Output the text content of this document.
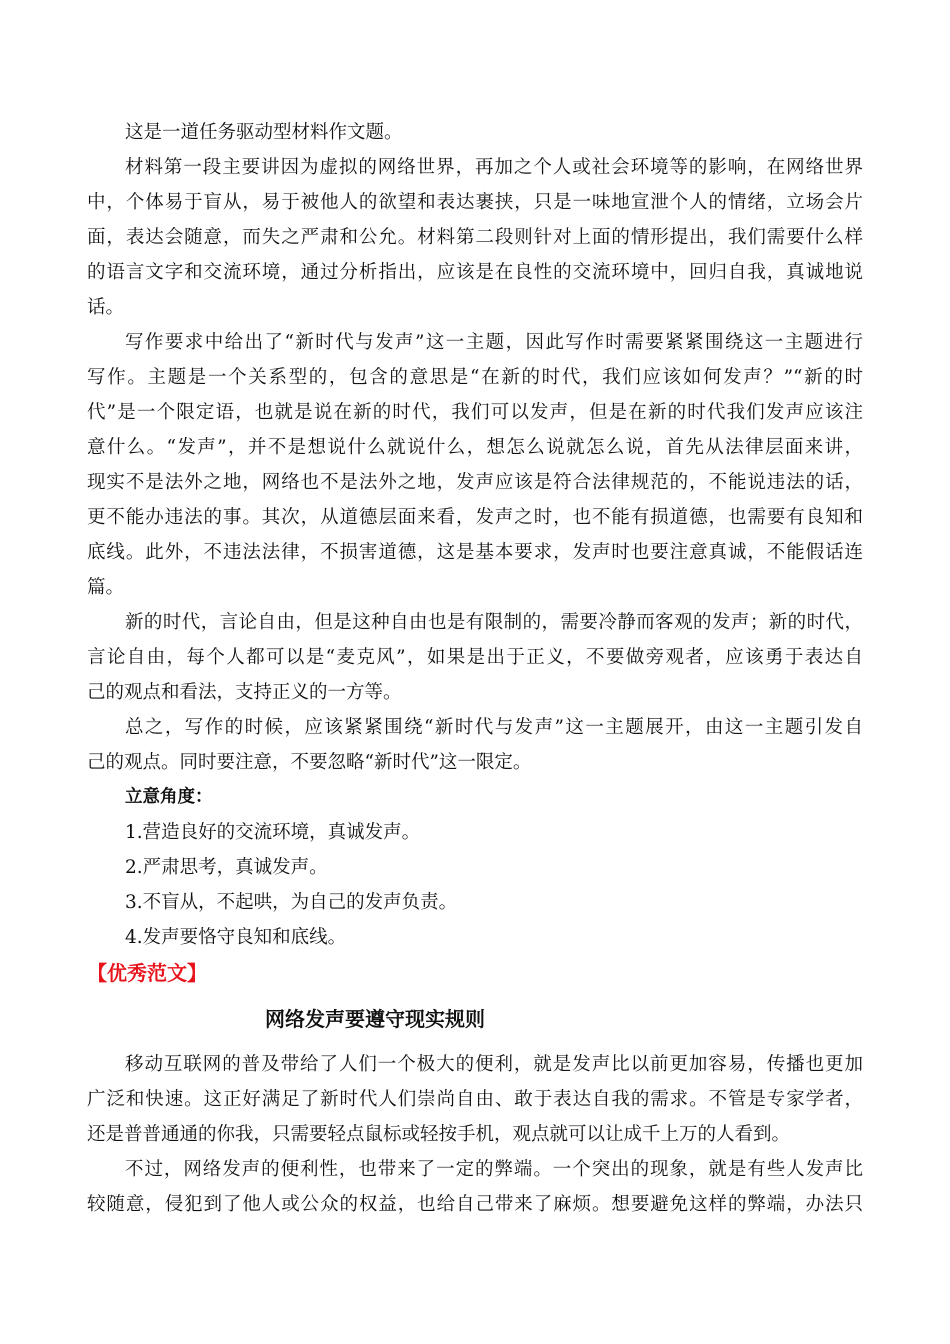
这是一道任务驱动型材料作文题。
材料第一段主要讲因为虚拟的网络世界，再加之个人或社会环境等的影响，在网络世界
中，个体易于盲从，易于被他人的欲望和表达裹挟，只是一味地宣泄个人的情绪，立场会片
面，表达会随意，而失之严肃和公允。材料第二段则针对上面的情形提出，我们需要什么样
的语言文字和交流环境，通过分析指出，应该是在良性的交流环境中，回归自我，真诚地说
话。
写作要求中给出了“新时代与发声”这一主题，因此写作时需要紧紧围绕这一主题进行
写作。主题是一个关系型的，包含的意思是“在新的时代，我们应该如何发声？”“新的时
代”是一个限定语，也就是说在新的时代，我们可以发声，但是在新的时代我们发声应该注
意什么。“发声”，并不是想说什么就说什么，想怎么说就怎么说，首先从法律层面来讲，
现实不是法外之地，网络也不是法外之地，发声应该是符合法律规范的，不能说违法的话，
更不能办违法的事。其次，从道德层面来看，发声之时，也不能有损道德，也需要有良知和
底线。此外，不违法法律，不损害道德，这是基本要求，发声时也要注意真诚，不能假话连
篇。
新的时代，言论自由，但是这种自由也是有限制的，需要冷静而客观的发声；新的时代，
言论自由，每个人都可以是“麦克风”，如果是出于正义，不要做旁观者，应该勇于表达自
己的观点和看法，支持正义的一方等。
总之，写作的时候，应该紧紧围绕“新时代与发声”这一主题展开，由这一主题引发自
己的观点。同时要注意，不要忽略“新时代”这一限定。
立意角度：
1.营造良好的交流环境，真诚发声。
2.严肃思考，真诚发声。
3.不盲从，不起哄，为自己的发声负责。
4.发声要恪守良知和底线。
【优秀范文】
网络发声要遵守现实规则
移动互联网的普及带给了人们一个极大的便利，就是发声比以前更加容易，传播也更加
广泛和快速。这正好满足了新时代人们崇尚自由、敢于表达自我的需求。不管是专家学者，
还是普普通通的你我，只需要轻点鼠标或轻按手机，观点就可以让成千上万的人看到。
不过，网络发声的便利性，也带来了一定的弊端。一个突出的现象，就是有些人发声比
较随意，侵犯到了他人或公众的权益，也给自己带来了麻烦。想要避免这样的弊端，办法只
